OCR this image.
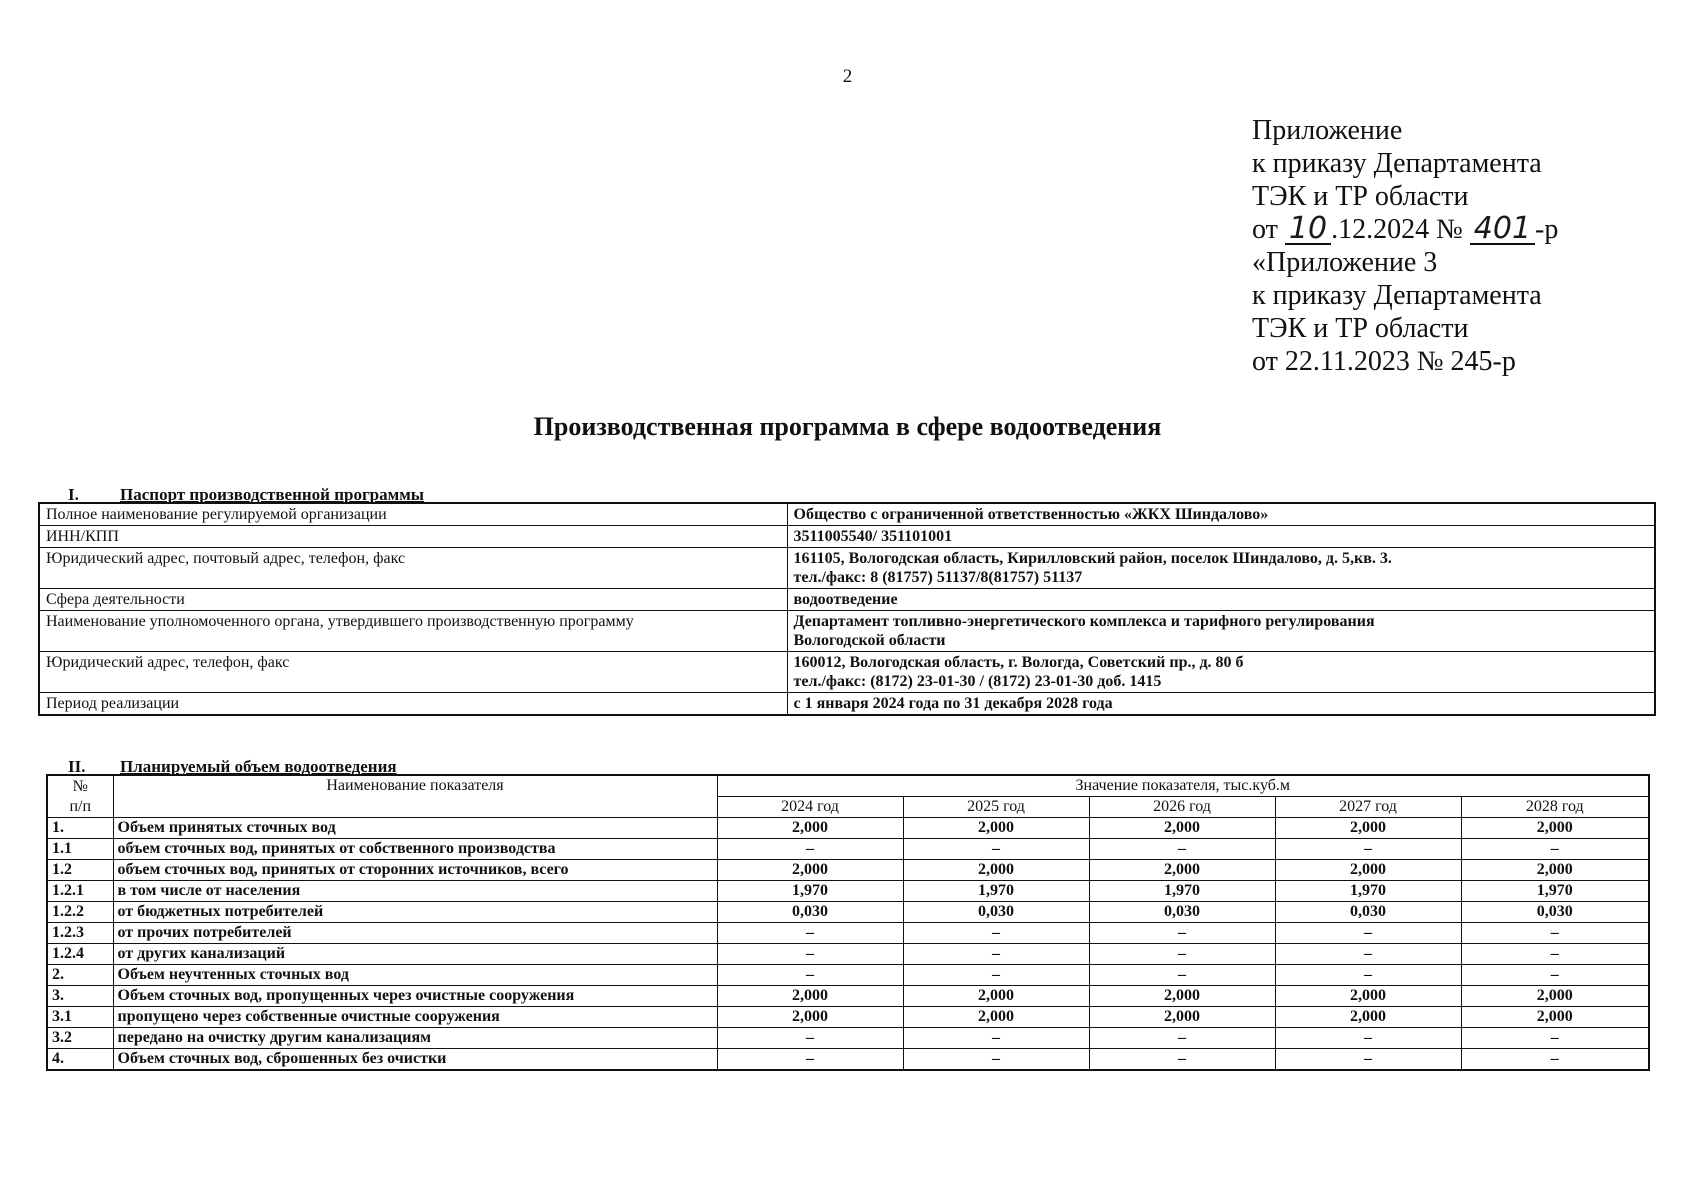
2
Приложение
к приказу Департамента
ТЭК и ТР области
от 10 .12.2024 № 401 -р
«Приложение 3
к приказу Департамента
ТЭК и ТР области
от 22.11.2023 № 245-р
Производственная программа в сфере водоотведения
I. Паспорт производственной программы
Полное наименование регулируемой организации	Общество с ограниченной ответственностью «ЖКХ Шиндалово»

ИНН/КПП	3511005540/ 351101001

Юридический адрес, почтовый адрес, телефон, факс	161105, Вологодская область, Кирилловский район, поселок Шиндалово, д. 5,кв. 3.
тел./факс: 8 (81757) 51137/8(81757) 51137

Сфера деятельности	водоотведение

Наименование уполномоченного органа, утвердившего производственную программу	Департамент топливно-энергетического комплекса и тарифного регулирования
Вологодской области

Юридический адрес, телефон, факс	160012, Вологодская область, г. Вологда, Советский пр., д. 80 б
тел./факс: (8172) 23-01-30 / (8172) 23-01-30 доб. 1415

Период реализации	с 1 января 2024 года по 31 декабря 2028 года
II. Планируемый объем водоотведения
№
п/п	Наименование показателя	Значение показателя, тыс.куб.м				
		2024 год	2025 год	2026 год	2027 год	2028 год
1.	Объем принятых сточных вод	2,000	2,000	2,000	2,000	2,000
1.1	объем сточных вод, принятых от собственного производства	–	–	–	–	–
1.2	объем сточных вод, принятых от сторонних источников, всего	2,000	2,000	2,000	2,000	2,000
1.2.1	в том числе от населения	1,970	1,970	1,970	1,970	1,970
1.2.2	от бюджетных потребителей	0,030	0,030	0,030	0,030	0,030
1.2.3	от прочих потребителей	–	–	–	–	–
1.2.4	от других канализаций	–	–	–	–	–
2.	Объем неучтенных сточных вод	–	–	–	–	–
3.	Объем сточных вод, пропущенных через очистные сооружения	2,000	2,000	2,000	2,000	2,000
3.1	пропущено через собственные очистные сооружения	2,000	2,000	2,000	2,000	2,000
3.2	передано на очистку другим канализациям	–	–	–	–	–
4.	Объем сточных вод, сброшенных без очистки	–	–	–	–	–
